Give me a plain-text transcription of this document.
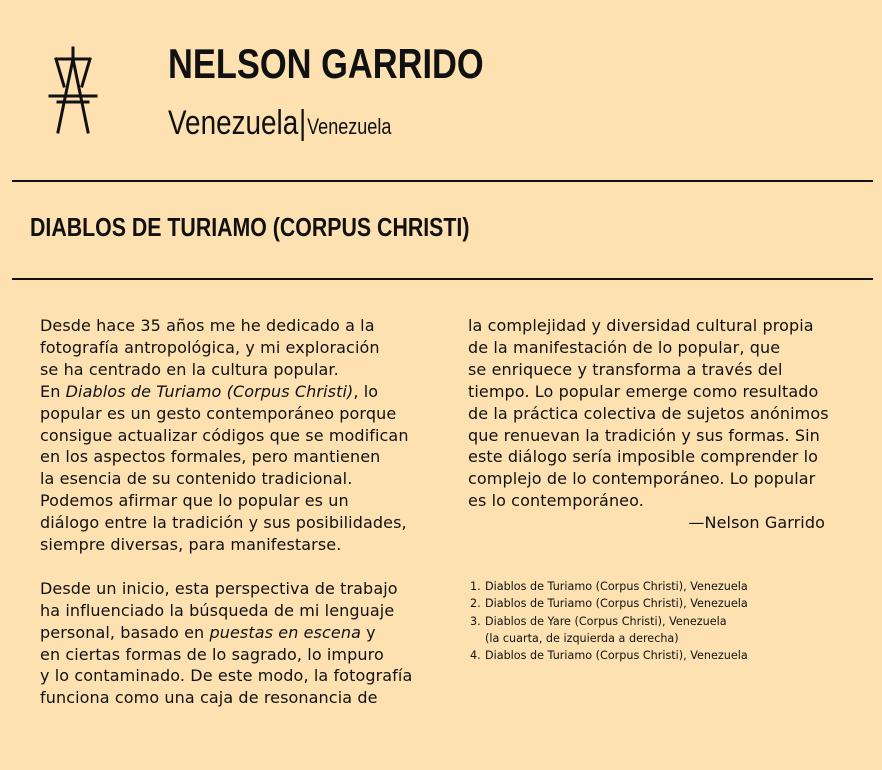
NELSON GARRIDO
Venezuela|Venezuela
DIABLOS DE TURIAMO (CORPUS CHRISTI)

Desde hace 35 años me he dedicado a la

fotografía antropológica, y mi exploración

se ha centrado en la cultura popular.

En Diablos de Turiamo (Corpus Christi), lo

popular es un gesto contemporáneo porque

consigue actualizar códigos que se modifican

en los aspectos formales, pero mantienen

la esencia de su contenido tradicional.

Podemos afirmar que lo popular es un

diálogo entre la tradición y sus posibilidades,

siempre diversas, para manifestarse.

Desde un inicio, esta perspectiva de trabajo

ha influenciado la búsqueda de mi lenguaje

personal, basado en puestas en escena y

en ciertas formas de lo sagrado, lo impuro

y lo contaminado. De este modo, la fotografía

funciona como una caja de resonancia de

la complejidad y diversidad cultural propia

de la manifestación de lo popular, que

se enriquece y transforma a través del

tiempo. Lo popular emerge como resultado

de la práctica colectiva de sujetos anónimos

que renuevan la tradición y sus formas. Sin

este diálogo sería imposible comprender lo

complejo de lo contemporáneo. Lo popular

es lo contemporáneo.

—Nelson Garrido

1. Diablos de Turiamo (Corpus Christi), Venezuela
2. Diablos de Turiamo (Corpus Christi), Venezuela
3. Diablos de Yare (Corpus Christi), Venezuela
(la cuarta, de izquierda a derecha)
4. Diablos de Turiamo (Corpus Christi), Venezuela
